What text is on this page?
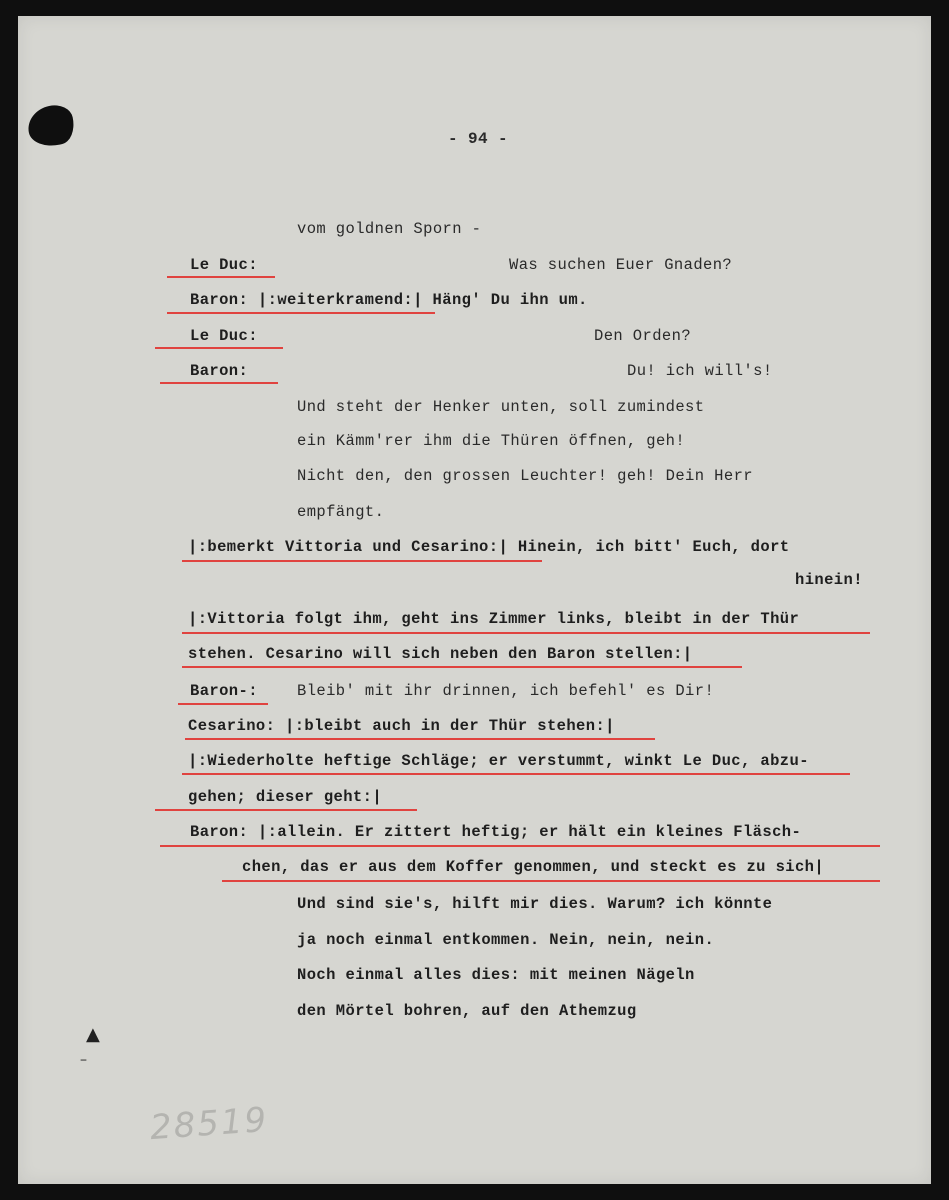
- 94 -
vom goldnen Sporn -
Le Duc:	Was suchen Euer Gnaden?
Baron: |:weiterkramend:| Häng' Du ihn um.
Le Duc:	Den Orden?
Baron:	Du! ich will's!
Und steht der Henker unten, soll zumindest
ein Kämm'rer ihm die Thüren öffnen, geh!
Nicht den, den grossen Leuchter! geh! Dein Herr
empfängt.
|:bemerkt Vittoria und Cesarino:| Hinein, ich bitt' Euch, dort
hinein!
|:Vittoria folgt ihm, geht ins Zimmer links, bleibt in der Thür
stehen. Cesarino will sich neben den Baron stellen:|
Baron-:	Bleib' mit ihr drinnen, ich befehl' es Dir!
Cesarino: |:bleibt auch in der Thür stehen:|
|:Wiederholte heftige Schläge; er verstummt, winkt Le Duc, abzu-
gehen; dieser geht:|
Baron: |:allein. Er zittert heftig; er hält ein kleines Fläsch-
chen, das er aus dem Koffer genommen, und steckt es zu sich|
Und sind sie's, hilft mir dies. Warum? ich könnte
ja noch einmal entkommen. Nein, nein, nein.
Noch einmal alles dies: mit meinen Nägeln
den Mörtel bohren, auf den Athemzug
▲
–
28519
